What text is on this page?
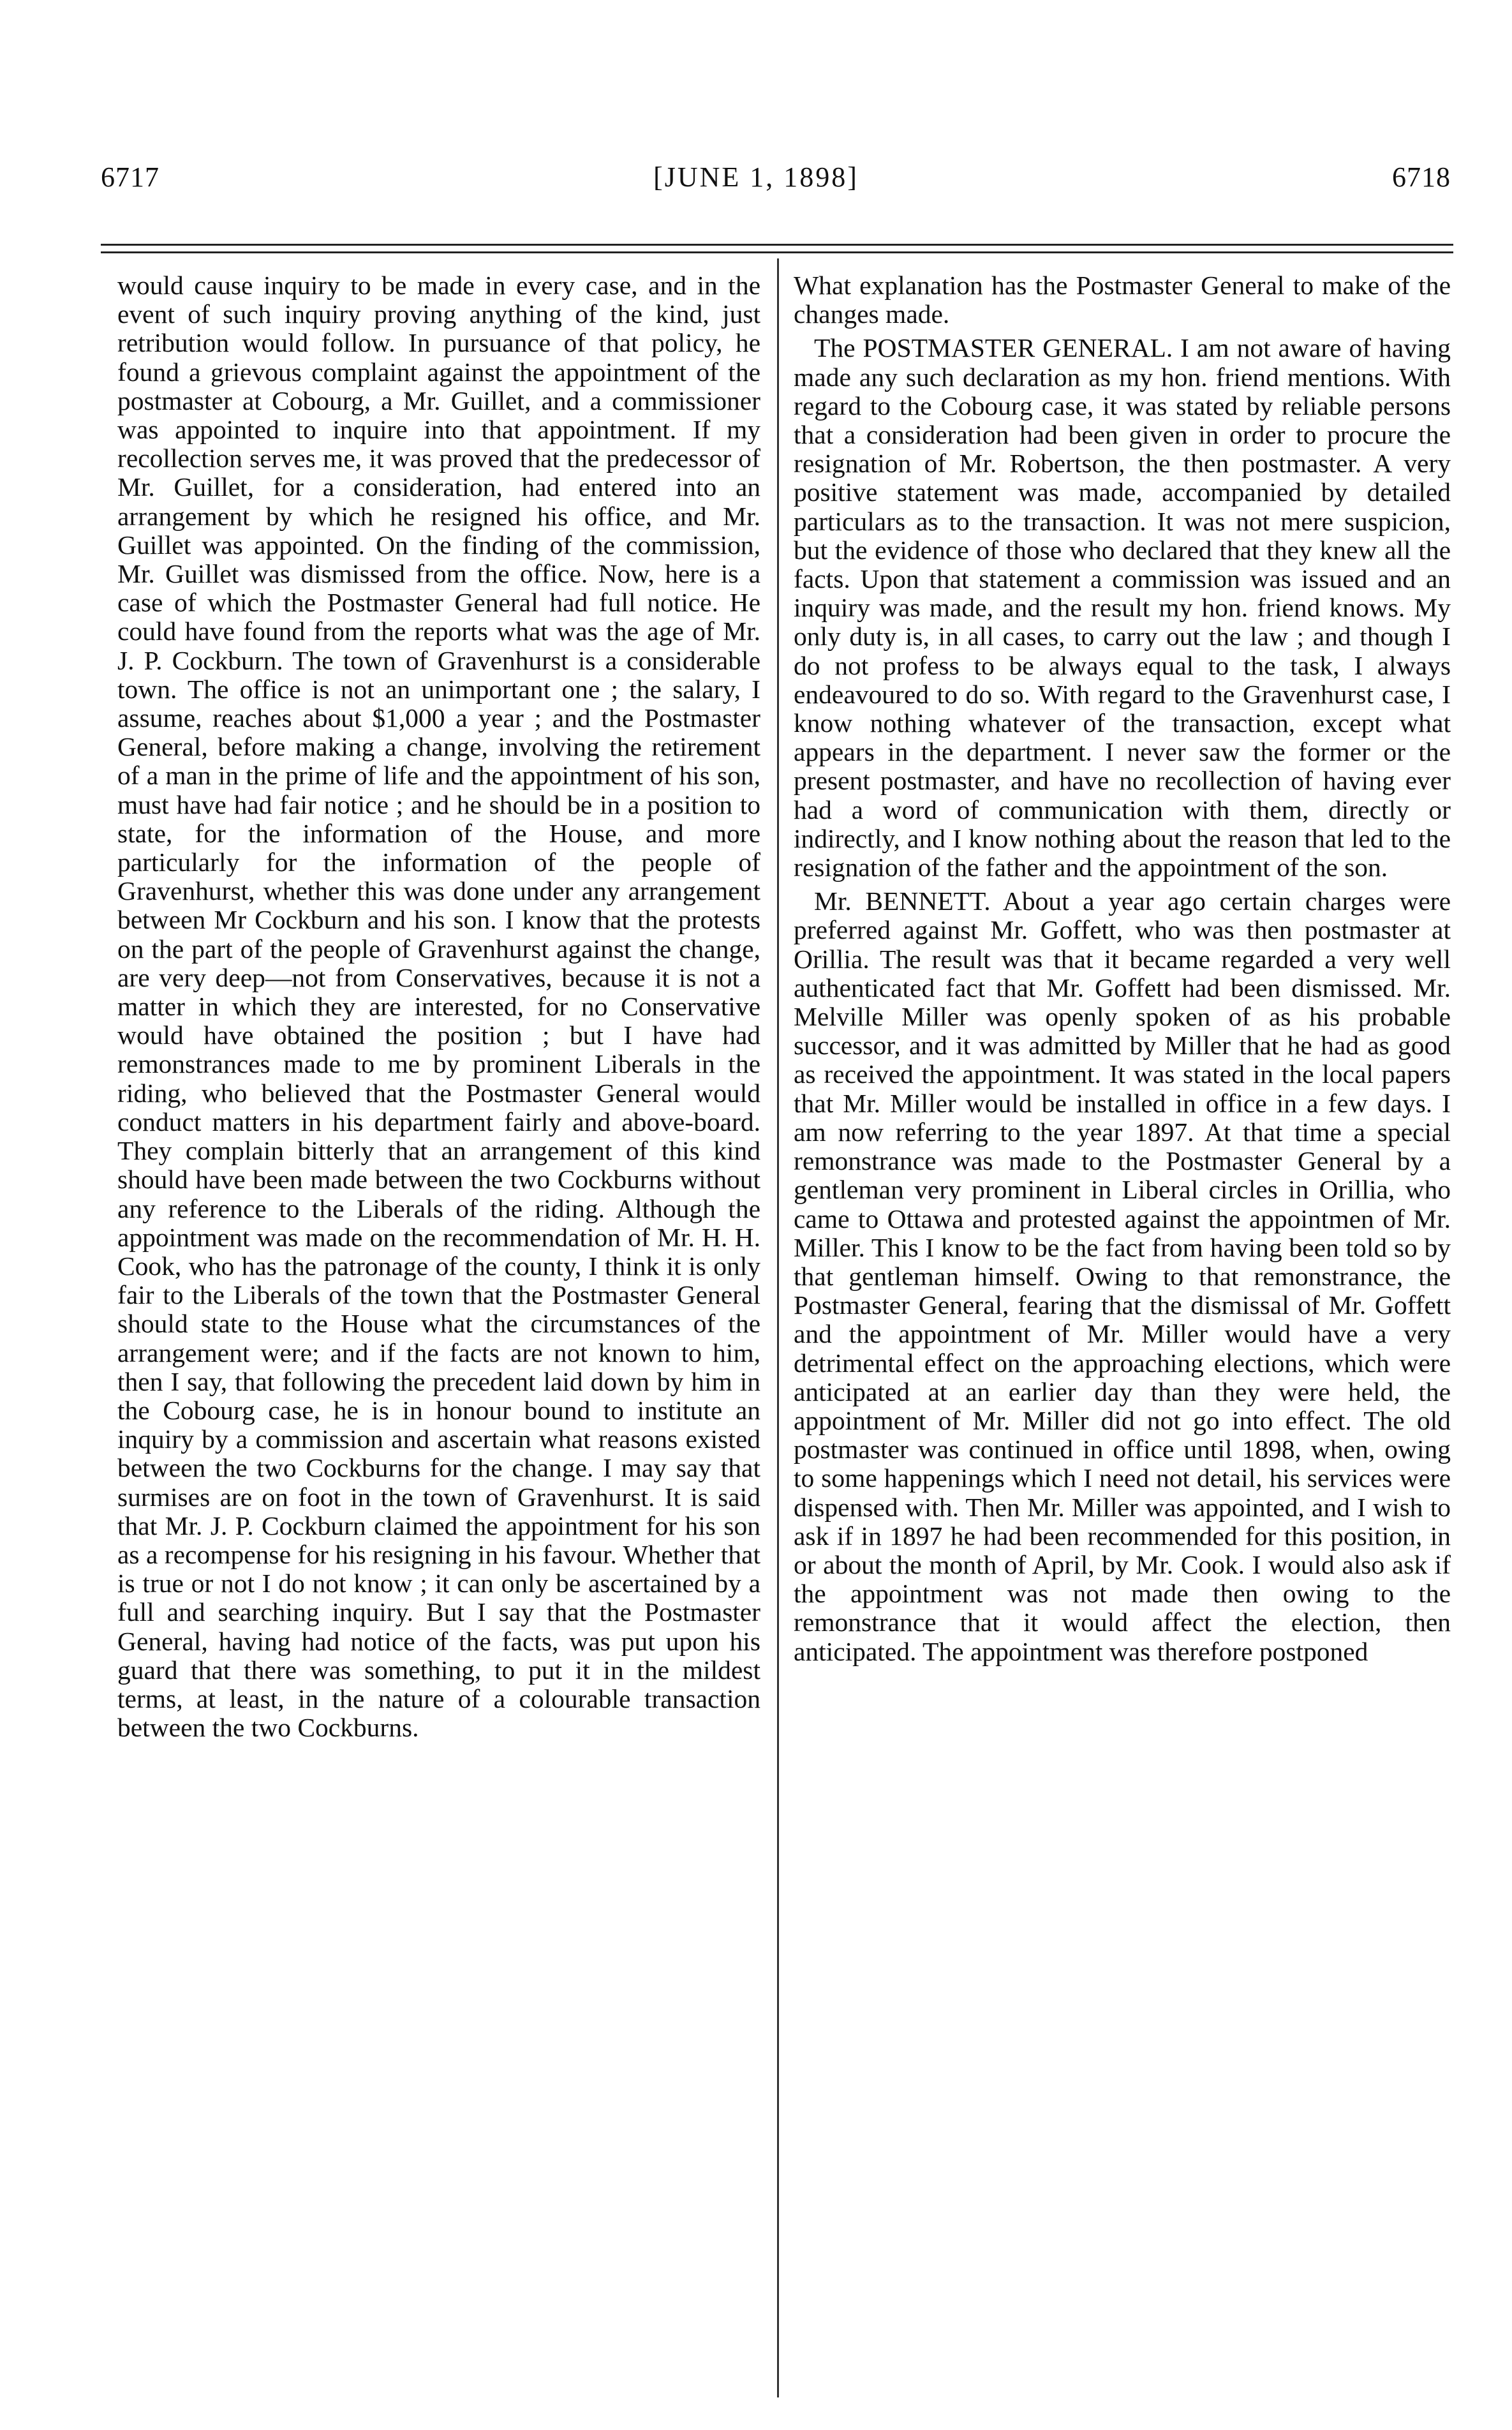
6717	[JUNE 1, 1898]	6718

would cause inquiry to be made in every case, and in the event of such inquiry proving anything of the kind, just retribution would follow. In pursuance of that policy, he found a grievous complaint against the appointment of the postmaster at Cobourg, a Mr. Guillet, and a commissioner was appointed to inquire into that appointment. If my recollection serves me, it was proved that the predecessor of Mr. Guillet, for a consideration, had entered into an arrangement by which he resigned his office, and Mr. Guillet was appointed. On the finding of the commission, Mr. Guillet was dismissed from the office. Now, here is a case of which the Postmaster General had full notice. He could have found from the reports what was the age of Mr. J. P. Cockburn. The town of Gravenhurst is a considerable town. The office is not an unimportant one ; the salary, I assume, reaches about $1,000 a year ; and the Postmaster General, before making a change, involving the retirement of a man in the prime of life and the appointment of his son, must have had fair notice ; and he should be in a position to state, for the information of the House, and more particularly for the information of the people of Gravenhurst, whether this was done under any arrangement between Mr Cockburn and his son. I know that the protests on the part of the people of Gravenhurst against the change, are very deep—not from Conservatives, because it is not a matter in which they are interested, for no Conservative would have obtained the position ; but I have had remonstrances made to me by prominent Liberals in the riding, who believed that the Postmaster General would conduct matters in his department fairly and above-board. They complain bitterly that an arrangement of this kind should have been made between the two Cockburns without any reference to the Liberals of the riding. Although the appointment was made on the recommendation of Mr. H. H. Cook, who has the patronage of the county, I think it is only fair to the Liberals of the town that the Postmaster General should state to the House what the circumstances of the arrangement were; and if the facts are not known to him, then I say, that following the precedent laid down by him in the Cobourg case, he is in honour bound to institute an inquiry by a commission and ascertain what reasons existed between the two Cockburns for the change. I may say that surmises are on foot in the town of Gravenhurst. It is said that Mr. J. P. Cockburn claimed the appointment for his son as a recompense for his resigning in his favour. Whether that is true or not I do not know ; it can only be ascertained by a full and searching inquiry. But I say that the Postmaster General, having had notice of the facts, was put upon his guard that there was something, to put it in the mildest terms, at least, in the nature of a colourable transaction between the two Cockburns.

What explanation has the Postmaster General to make of the changes made.

The POSTMASTER GENERAL. I am not aware of having made any such declaration as my hon. friend mentions. With regard to the Cobourg case, it was stated by reliable persons that a consideration had been given in order to procure the resignation of Mr. Robertson, the then postmaster. A very positive statement was made, accompanied by detailed particulars as to the transaction. It was not mere suspicion, but the evidence of those who declared that they knew all the facts. Upon that statement a commission was issued and an inquiry was made, and the result my hon. friend knows. My only duty is, in all cases, to carry out the law ; and though I do not profess to be always equal to the task, I always endeavoured to do so. With regard to the Gravenhurst case, I know nothing whatever of the transaction, except what appears in the department. I never saw the former or the present postmaster, and have no recollection of having ever had a word of communication with them, directly or indirectly, and I know nothing about the reason that led to the resignation of the father and the appointment of the son.

Mr. BENNETT. About a year ago certain charges were preferred against Mr. Goffett, who was then postmaster at Orillia. The result was that it became regarded a very well authenticated fact that Mr. Goffett had been dismissed. Mr. Melville Miller was openly spoken of as his probable successor, and it was admitted by Miller that he had as good as received the appointment. It was stated in the local papers that Mr. Miller would be installed in office in a few days. I am now referring to the year 1897. At that time a special remonstrance was made to the Postmaster General by a gentleman very prominent in Liberal circles in Orillia, who came to Ottawa and protested against the appointmen of Mr. Miller. This I know to be the fact from having been told so by that gentleman himself. Owing to that remonstrance, the Postmaster General, fearing that the dismissal of Mr. Goffett and the appointment of Mr. Miller would have a very detrimental effect on the approaching elections, which were anticipated at an earlier day than they were held, the appointment of Mr. Miller did not go into effect. The old postmaster was continued in office until 1898, when, owing to some happenings which I need not detail, his services were dispensed with. Then Mr. Miller was appointed, and I wish to ask if in 1897 he had been recommended for this position, in or about the month of April, by Mr. Cook. I would also ask if the appointment was not made then owing to the remonstrance that it would affect the election, then anticipated. The appointment was therefore postponed
